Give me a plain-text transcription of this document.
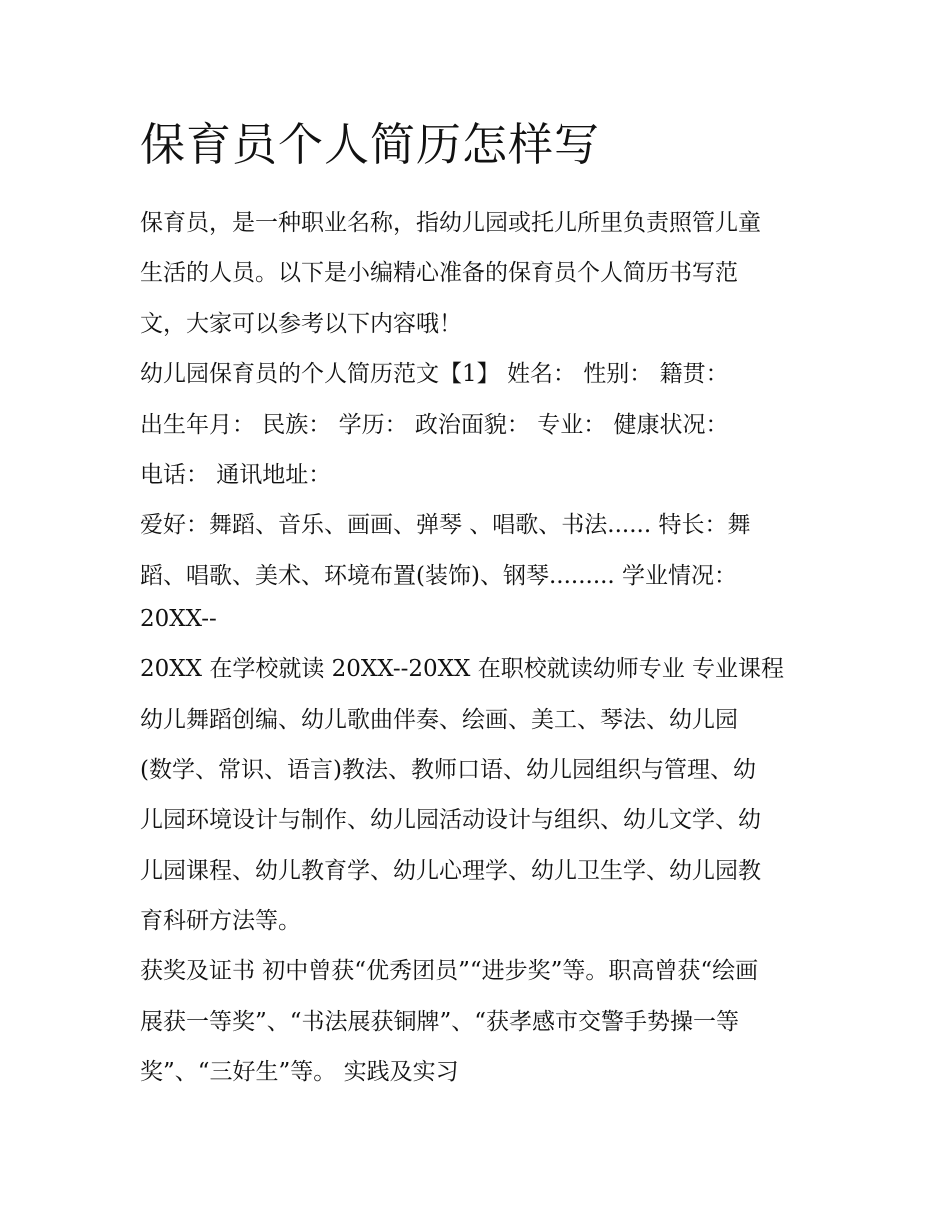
保育员个人简历怎样写
保育员，是一种职业名称，指幼儿园或托儿所里负责照管儿童
生活的人员。以下是小编精心准备的保育员个人简历书写范
文，大家可以参考以下内容哦！
幼儿园保育员的个人简历范文【1】 姓名： 性别： 籍贯：
出生年月： 民族： 学历： 政治面貌： 专业： 健康状况：
电话： 通讯地址：
爱好：舞蹈、音乐、画画、弹琴 、唱歌、书法...... 特长：舞
蹈、唱歌、美术、环境布置(装饰)、钢琴......... 学业情况：
20XX--
20XX 在学校就读 20XX--20XX 在职校就读幼师专业 专业课程
幼儿舞蹈创编、幼儿歌曲伴奏、绘画、美工、琴法、幼儿园
(数学、常识、语言)教法、教师口语、幼儿园组织与管理、幼
儿园环境设计与制作、幼儿园活动设计与组织、幼儿文学、幼
儿园课程、幼儿教育学、幼儿心理学、幼儿卫生学、幼儿园教
育科研方法等。
获奖及证书 初中曾获“优秀团员”“进步奖”等。职高曾获“绘画
展获一等奖”、“书法展获铜牌”、“获孝感市交警手势操一等
奖”、“三好生”等。 实践及实习
